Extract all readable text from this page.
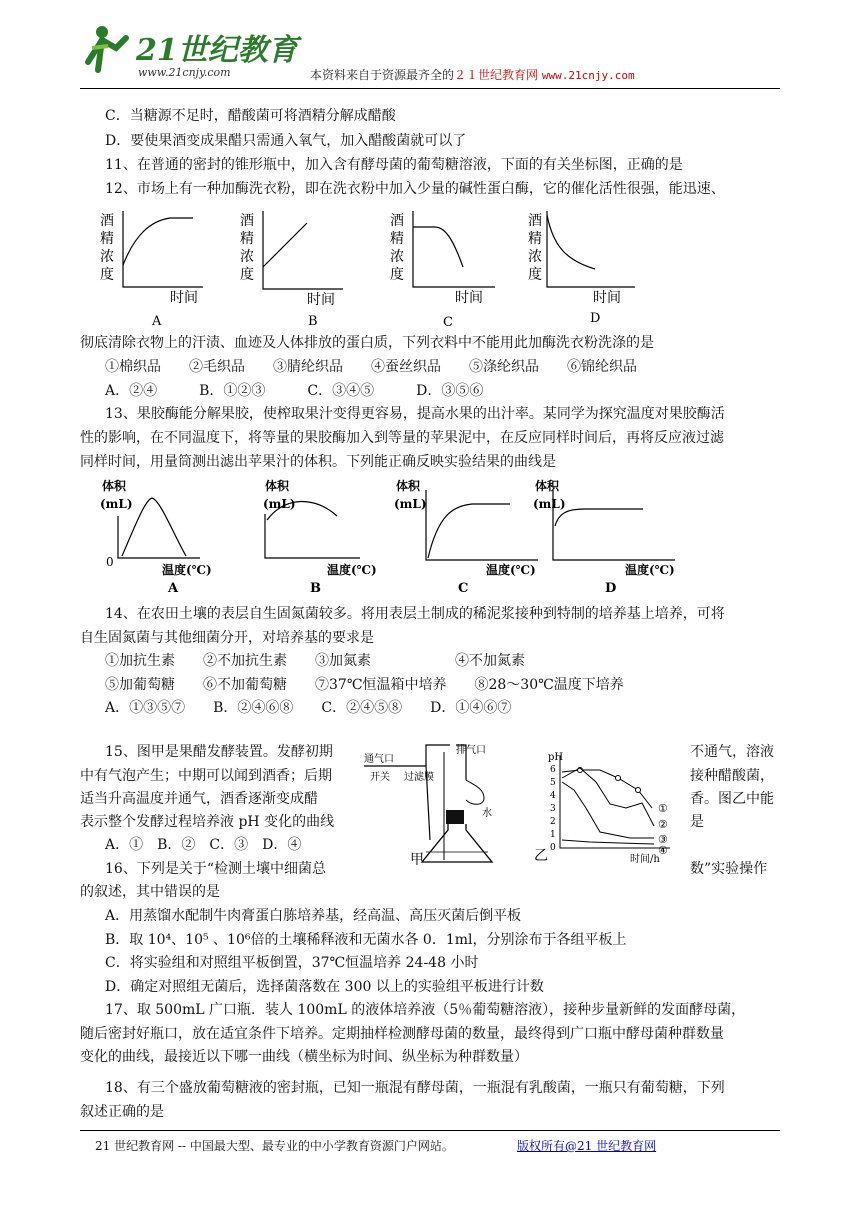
21世纪教育
www.21cnjy.com	本资料来自于资源最齐全的２１世纪教育网 www.21cnjy.com
C．当糖源不足时，醋酸菌可将酒精分解成醋酸
D．要使果酒变成果醋只需通入氧气，加入醋酸菌就可以了
11、在普通的密封的锥形瓶中，加入含有酵母菌的葡萄糖溶液，下面的有关坐标图，正确的是
12、市场上有一种加酶洗衣粉，即在洗衣粉中加入少量的碱性蛋白酶，它的催化活性很强，能迅速、
酒
精
浓
度
时间
A
酒
精
浓
度
时间
B
酒
精
浓
度
时间
C
酒
精
浓
度
时间
D
彻底清除衣物上的汗渍、血迹及人体排放的蛋白质，下列衣料中不能用此加酶洗衣粉洗涤的是
①棉织品　　②毛织品　　③腈纶织品　　④蚕丝织品　　⑤涤纶织品　　⑥锦纶织品
A．②④　　　B．①②③　　　C．③④⑤　　　D．③⑤⑥
13、果胶酶能分解果胶，使榨取果汁变得更容易，提高水果的出汁率。某同学为探究温度对果胶酶活
性的影响，在不同温度下，将等量的果胶酶加入到等量的苹果泥中，在反应同样时间后，再将反应液过滤
同样时间，用量筒测出滤出苹果汁的体积。下列能正确反映实验结果的曲线是
体积
(mL)
0
温度(℃)
A
体积
(mL)
温度(℃)
B
体积
(mL)
温度(℃)
C
体积
(mL)
温度(℃)
D
14、在农田土壤的表层自生固氮菌较多。将用表层土制成的稀泥浆接种到特制的培养基上培养，可将
自生固氮菌与其他细菌分开，对培养基的要求是
①加抗生素　　②不加抗生素　　③加氮素　　　　　　④不加氮素
⑤加葡萄糖　　⑥不加葡萄糖　　⑦37℃恒温箱中培养　　⑧28～30℃温度下培养
A．①③⑤⑦　　B．②④⑥⑧　　C．②④⑤⑧　　D．①④⑥⑦
15、图甲是果醋发酵装置。发酵初期	不通气，溶液
中有气泡产生；中期可以闻到酒香；后期	接种醋酸菌，
适当升高温度并通气，酒香逐渐变成醋	香。图乙中能
表示整个发酵过程培养液 pH 变化的曲线	是
A．①　B．②　C．③　D．④
通气口
排气口
开关 过滤膜
水
甲
pH
6
5
4
3
2
1
0
①
②
③
④
时间/h
乙
16、下列是关于“检测土壤中细菌总	数”实验操作
的叙述，其中错误的是
A．用蒸馏水配制牛肉膏蛋白胨培养基，经高温、高压灭菌后倒平板
B．取 10⁴、10⁵ 、10⁶倍的土壤稀释液和无菌水各 0．1ml，分别涂布于各组平板上
C．将实验组和对照组平板倒置，37℃恒温培养 24-48 小时
D．确定对照组无菌后，选择菌落数在 300 以上的实验组平板进行计数
17、取 500mL 广口瓶．装人 100mL 的液体培养液（5％葡萄糖溶液），接种步量新鲜的发面酵母菌，
随后密封好瓶口，放在适宜条件下培养。定期抽样检测酵母菌的数量，最终得到广口瓶中酵母菌种群数量
变化的曲线，最接近以下哪一曲线（横坐标为时间、纵坐标为种群数量）
18、有三个盛放葡萄糖液的密封瓶，已知一瓶混有酵母菌，一瓶混有乳酸菌，一瓶只有葡萄糖，下列
叙述正确的是
21 世纪教育网 -- 中国最大型、最专业的中小学教育资源门户网站。	版权所有@21 世纪教育网
